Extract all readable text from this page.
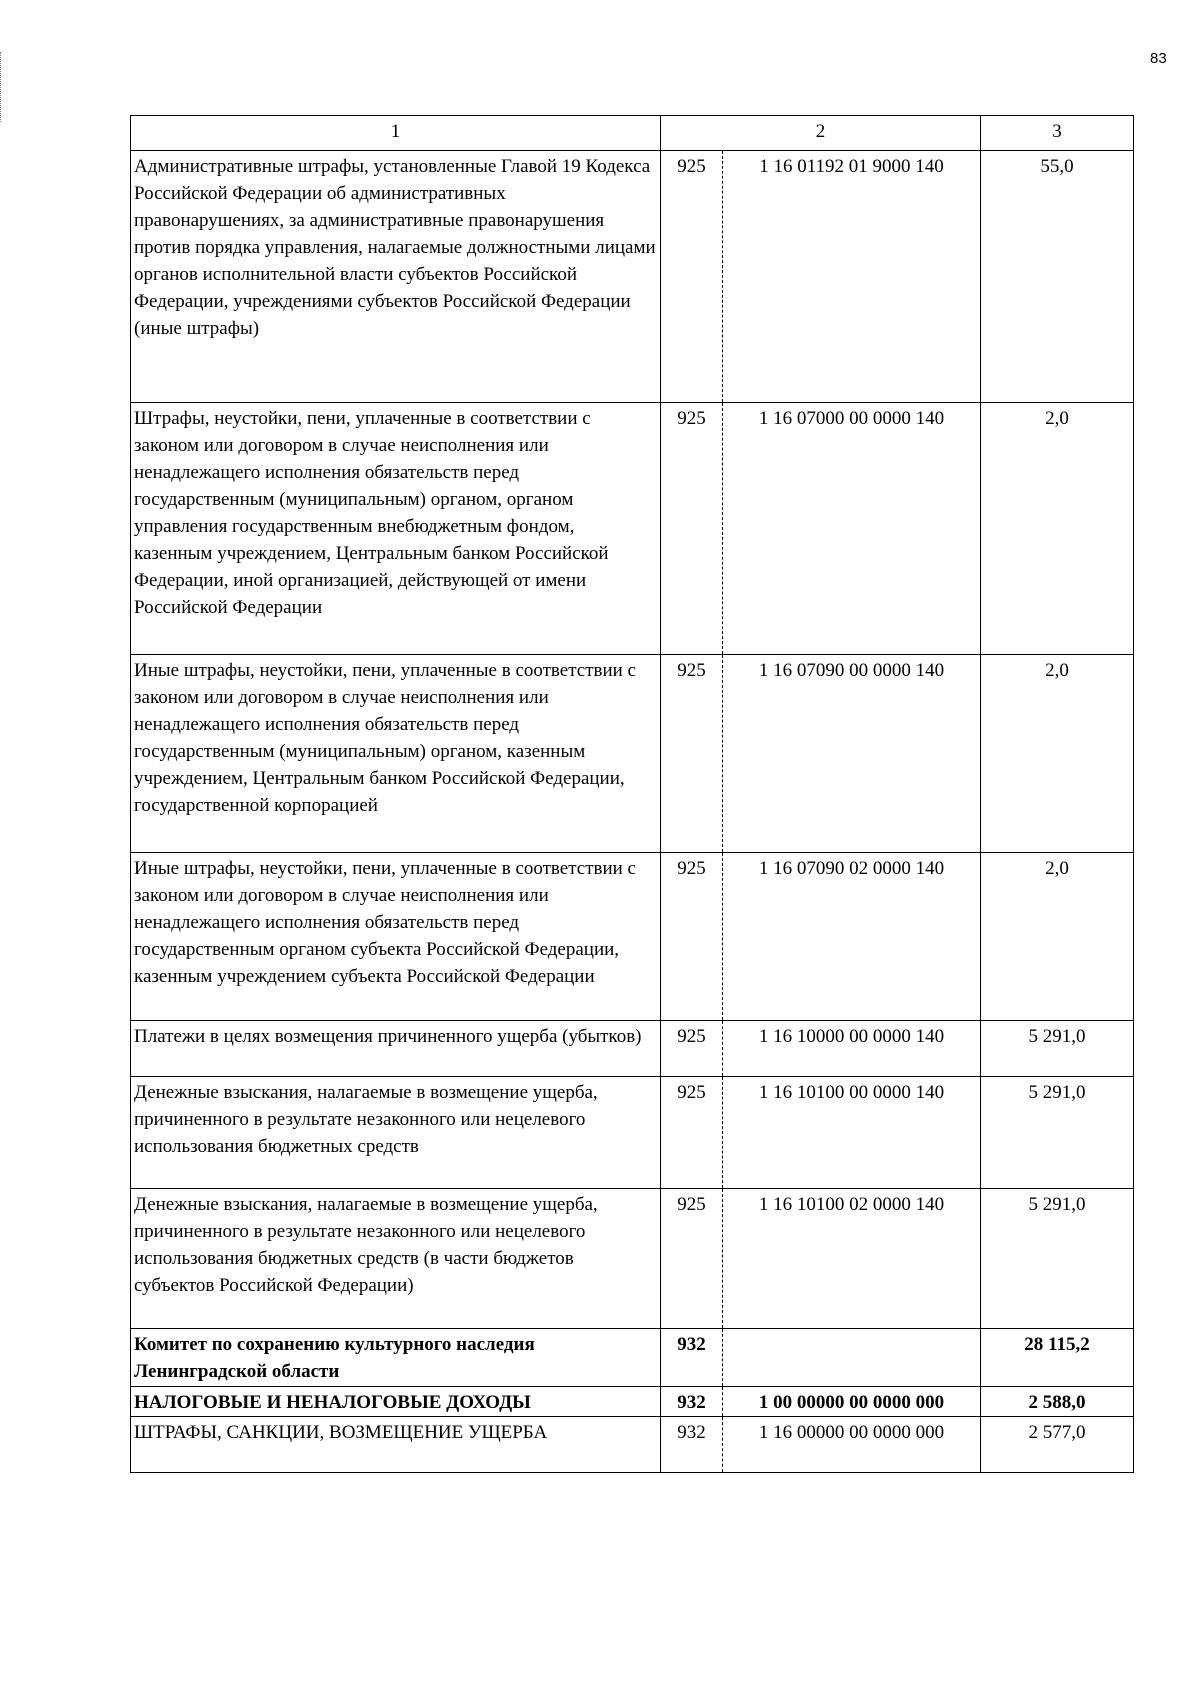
83
1	2		3
Административные штрафы, установленные Главой 19 Кодекса Российской Федерации об административных правонарушениях, за административные правонарушения против порядка управления, налагаемые должностными лицами органов исполнительной власти субъектов Российской Федерации, учреждениями субъектов Российской Федерации (иные штрафы)	925	1 16 01192 01 9000 140	55,0
Штрафы, неустойки, пени, уплаченные в соответствии с законом или договором в случае неисполнения или ненадлежащего исполнения обязательств перед государственным (муниципальным) органом, органом управления государственным внебюджетным фондом, казенным учреждением, Центральным банком Российской Федерации, иной организацией, действующей от имени Российской Федерации	925	1 16 07000 00 0000 140	2,0
Иные штрафы, неустойки, пени, уплаченные в соответствии с законом или договором в случае неисполнения или ненадлежащего исполнения обязательств перед государственным (муниципальным) органом, казенным учреждением, Центральным банком Российской Федерации, государственной корпорацией	925	1 16 07090 00 0000 140	2,0
Иные штрафы, неустойки, пени, уплаченные в соответствии с законом или договором в случае неисполнения или ненадлежащего исполнения обязательств перед государственным органом субъекта Российской Федерации, казенным учреждением субъекта Российской Федерации	925	1 16 07090 02 0000 140	2,0
Платежи в целях возмещения причиненного ущерба (убытков)	925	1 16 10000 00 0000 140	5 291,0
Денежные взыскания, налагаемые в возмещение ущерба, причиненного в результате незаконного или нецелевого использования бюджетных средств	925	1 16 10100 00 0000 140	5 291,0
Денежные взыскания, налагаемые в возмещение ущерба, причиненного в результате незаконного или нецелевого использования бюджетных средств (в части бюджетов субъектов Российской Федерации)	925	1 16 10100 02 0000 140	5 291,0
Комитет по сохранению культурного наследия Ленинградской области	932		28 115,2
НАЛОГОВЫЕ И НЕНАЛОГОВЫЕ ДОХОДЫ	932	1 00 00000 00 0000 000	2 588,0
ШТРАФЫ, САНКЦИИ, ВОЗМЕЩЕНИЕ УЩЕРБА	932	1 16 00000 00 0000 000	2 577,0
